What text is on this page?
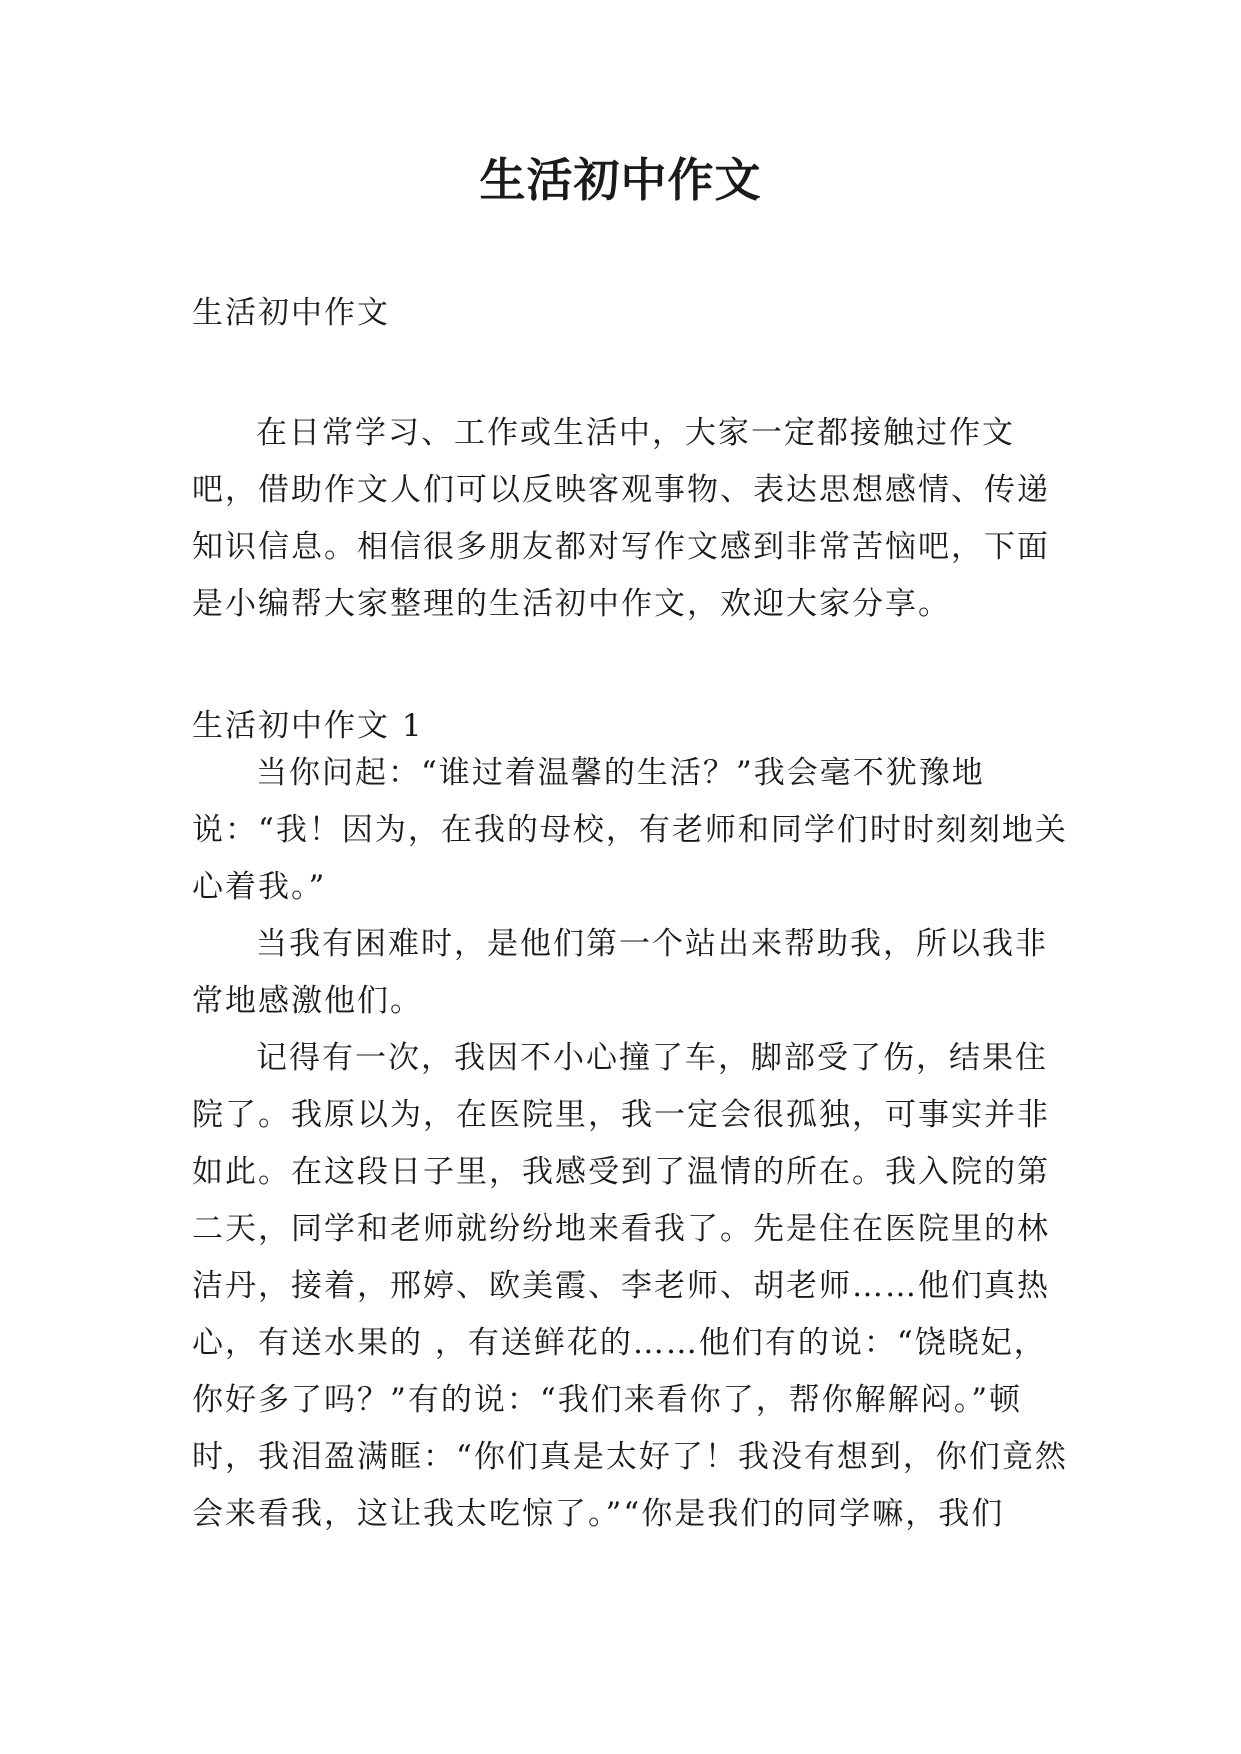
生活初中作文

生活初中作文

在日常学习、工作或生活中，大家一定都接触过作文吧，借助作文人们可以反映客观事物、表达思想感情、传递知识信息。相信很多朋友都对写作文感到非常苦恼吧，下面是小编帮大家整理的生活初中作文，欢迎大家分享。

生活初中作文 1

当你问起：“谁过着温馨的生活？”我会毫不犹豫地说：“我！因为，在我的母校，有老师和同学们时时刻刻地关心着我。”

当我有困难时，是他们第一个站出来帮助我，所以我非常地感激他们。

记得有一次，我因不小心撞了车，脚部受了伤，结果住院了。我原以为，在医院里，我一定会很孤独，可事实并非如此。在这段日子里，我感受到了温情的所在。我入院的第二天，同学和老师就纷纷地来看我了。先是住在医院里的林洁丹，接着，邢婷、欧美霞、李老师、胡老师……他们真热心，有送水果的 ，有送鲜花的……他们有的说：“饶晓妃，你好多了吗？”有的说：“我们来看你了，帮你解解闷。”顿时，我泪盈满眶：“你们真是太好了！我没有想到，你们竟然会来看我，这让我太吃惊了。”“你是我们的同学嘛，我们
